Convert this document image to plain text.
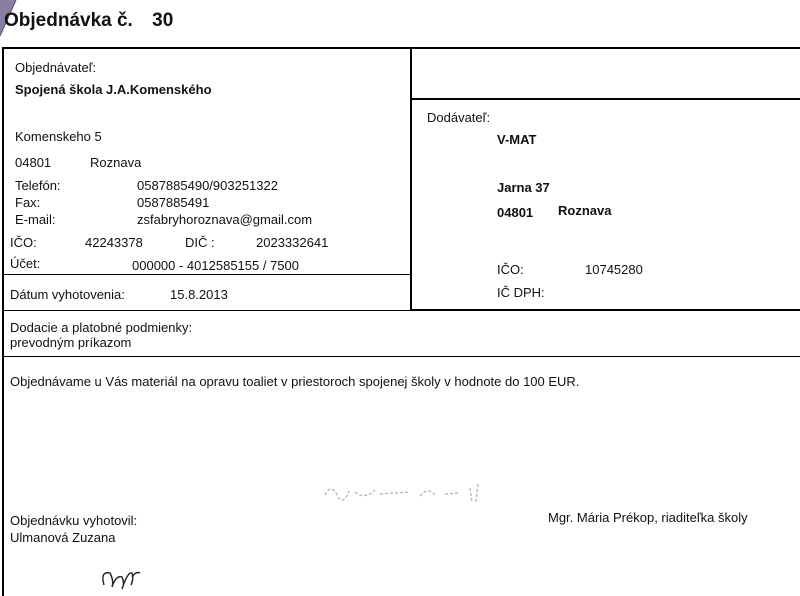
Objednávka č. 30
Objednávateľ:
Spojená škola J.A.Komenského
Komenskeho 5
04801	Roznava
Telefón:	0587885490/903251322
Fax:	0587885491
E-mail:	zsfabryhoroznava@gmail.com
IČO:	42243378	DIČ :	2023332641
Účet:	000000 - 4012585155 / 7500
Dátum vyhotovenia:	15.8.2013
Dodávateľ:
V-MAT
Jarna 37
04801 Roznava
IČO:	10745280
IČ DPH:
Dodacie a platobné podmienky:
prevodným príkazom
Objednávame u Vás materiál na opravu toaliet v priestoroch spojenej školy v hodnote do 100 EUR.
Objednávku vyhotovil:
Ulmanová Zuzana
Mgr. Mária Prékop, riaditeľka školy
